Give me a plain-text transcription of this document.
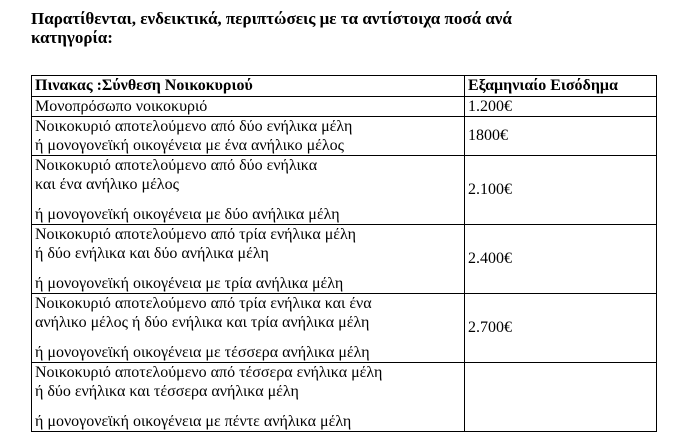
Παρατίθενται, ενδεικτικά, περιπτώσεις με τα αντίστοιχα ποσά ανά
κατηγορία:
Πινακας :Σύνθεση Νοικοκυριού	Εξαμηνιαίο Εισόδημα

Μονοπρόσωπο νοικοκυριό	1.200€

Νοικοκυριό αποτελούμενο από δύο ενήλικα μέλη
ή μονογονεϊκή οικογένεια με ένα ανήλικο μέλος	1800€

Νοικοκυριό αποτελούμενο από δύο ενήλικα
και ένα ανήλικο μέλος
ή μονογονεϊκή οικογένεια με δύο ανήλικα μέλη	2.100€

Νοικοκυριό αποτελούμενο από τρία ενήλικα μέλη
ή δύο ενήλικα και δύο ανήλικα μέλη
ή μονογονεϊκή οικογένεια με τρία ανήλικα μέλη	2.400€

Νοικοκυριό αποτελούμενο από τρία ενήλικα και ένα
ανήλικο μέλος ή δύο ενήλικα και τρία ανήλικα μέλη
ή μονογονεϊκή οικογένεια με τέσσερα ανήλικα μέλη	2.700€

Νοικοκυριό αποτελούμενο από τέσσερα ενήλικα μέλη
ή δύο ενήλικα και τέσσερα ανήλικα μέλη
ή μονογονεϊκή οικογένεια με πέντε ανήλικα μέλη	
